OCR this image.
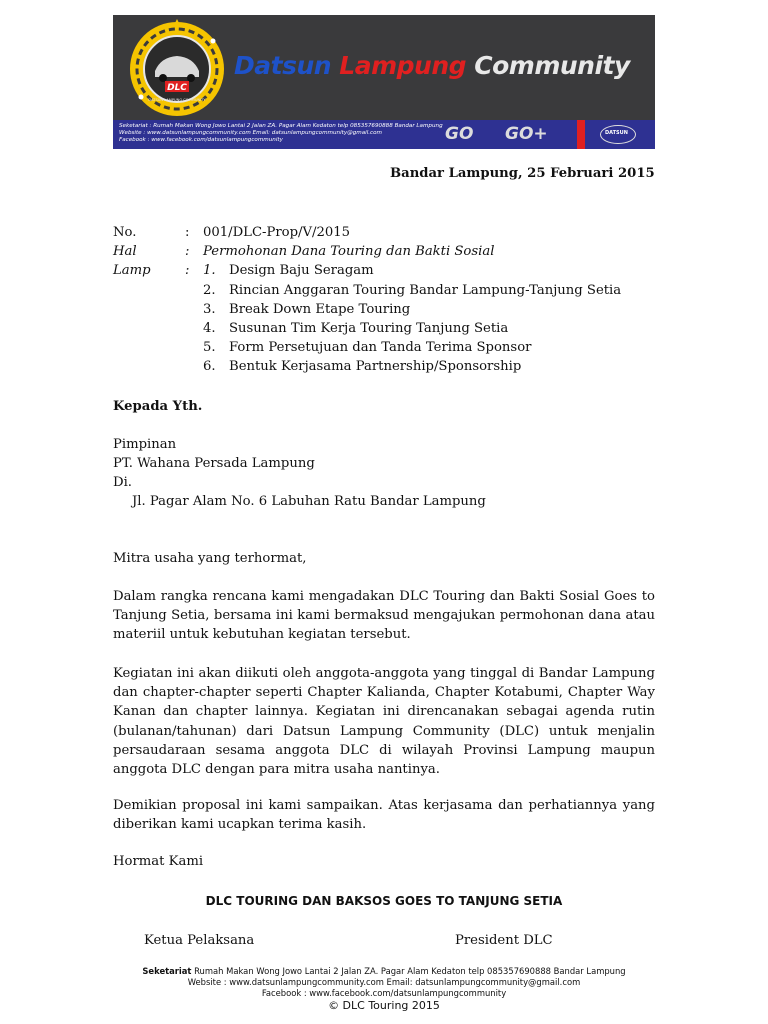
DLC
DATSUN LAMPUNG COMMUNITY
Datsun Lampung Community
Seketariat : Rumah Makan Wong Jowo Lantai 2 Jalan ZA. Pagar Alam Kedaton telp 085357690888 Bandar Lampung
Website : www.datsunlampungcommunity.com Email: datsunlampungcommunity@gmail.com
Facebook : www.facebook.com/datsunlampungcommunity	GO GO+	DATSUN
Bandar Lampung, 25 Februari 2015
No.	: 001/DLC-Prop/V/2015
Hal	: Permohonan Dana Touring dan Bakti Sosial
Lamp	: 1. Design Baju Seragam
2. Rincian Anggaran Touring Bandar Lampung-Tanjung Setia
3. Break Down Etape Touring
4. Susunan Tim Kerja Touring Tanjung Setia
5. Form Persetujuan dan Tanda Terima Sponsor
6. Bentuk Kerjasama Partnership/Sponsorship
Kepada Yth.
Pimpinan
PT. Wahana Persada Lampung
Di.
Jl. Pagar Alam No. 6 Labuhan Ratu Bandar Lampung
Mitra usaha yang terhormat,
Dalam rangka rencana kami mengadakan DLC Touring dan Bakti Sosial Goes to Tanjung Setia, bersama ini kami bermaksud mengajukan permohonan dana atau materiil untuk kebutuhan kegiatan tersebut.
Kegiatan ini akan diikuti oleh anggota-anggota yang tinggal di Bandar Lampung dan chapter-chapter seperti Chapter Kalianda, Chapter Kotabumi, Chapter Way Kanan dan chapter lainnya. Kegiatan ini direncanakan sebagai agenda rutin (bulanan/tahunan) dari Datsun Lampung Community (DLC) untuk menjalin persaudaraan sesama anggota DLC di wilayah Provinsi Lampung maupun anggota DLC dengan para mitra usaha nantinya.
Demikian proposal ini kami sampaikan. Atas kerjasama dan perhatiannya yang diberikan kami ucapkan terima kasih.
Hormat Kami
DLC TOURING DAN BAKSOS GOES TO TANJUNG SETIA
Ketua Pelaksana	President DLC
Seketariat Rumah Makan Wong Jowo Lantai 2 Jalan ZA. Pagar Alam Kedaton telp 085357690888 Bandar Lampung
Website : www.datsunlampungcommunity.com Email: datsunlampungcommunity@gmail.com
Facebook : www.facebook.com/datsunlampungcommunity
© DLC Touring 2015
